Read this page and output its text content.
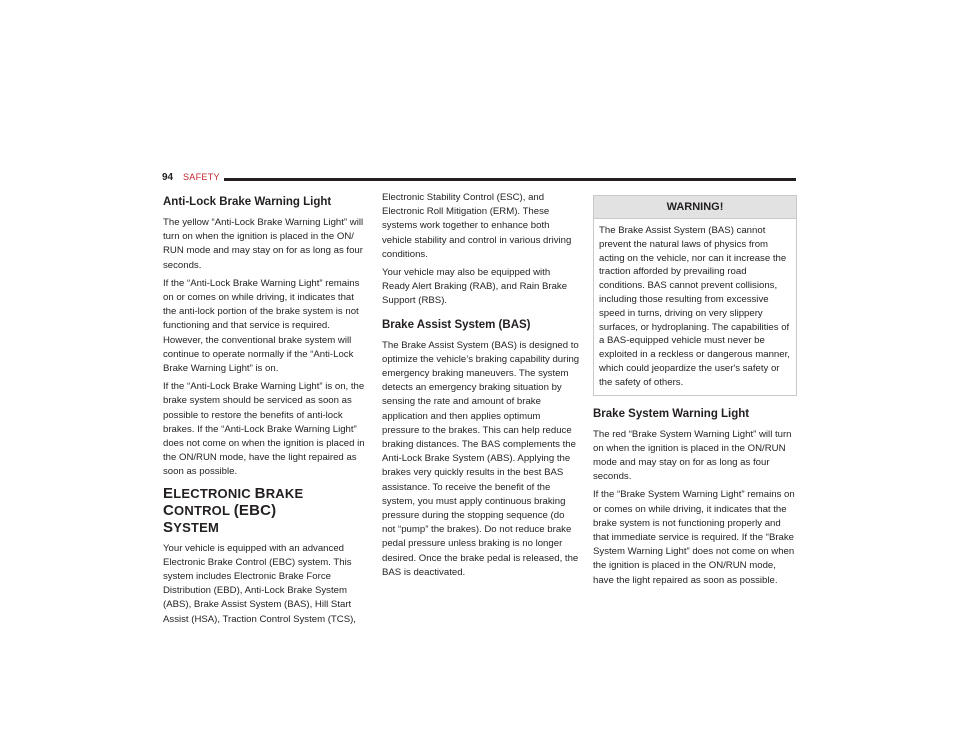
94 SAFETY
Anti-Lock Brake Warning Light

The yellow “Anti-Lock Brake Warning Light” will turn on when the ignition is placed in the ON/ RUN mode and may stay on for as long as four seconds.

If the “Anti-Lock Brake Warning Light” remains on or comes on while driving, it indicates that the anti-lock portion of the brake system is not functioning and that service is required. However, the conventional brake system will continue to operate normally if the “Anti-Lock Brake Warning Light” is on.

If the “Anti-Lock Brake Warning Light” is on, the brake system should be serviced as soon as possible to restore the benefits of anti-lock brakes. If the “Anti-Lock Brake Warning Light” does not come on when the ignition is placed in the ON/RUN mode, have the light repaired as soon as possible.

ELECTRONIC BRAKE CONTROL (EBC)
SYSTEM

Your vehicle is equipped with an advanced Electronic Brake Control (EBC) system. This system includes Electronic Brake Force Distribution (EBD), Anti-Lock Brake System (ABS), Brake Assist System (BAS), Hill Start Assist (HSA), Traction Control System (TCS),

Electronic Stability Control (ESC), and Electronic Roll Mitigation (ERM). These systems work together to enhance both vehicle stability and control in various driving conditions.

Your vehicle may also be equipped with Ready Alert Braking (RAB), and Rain Brake Support (RBS).

Brake Assist System (BAS)

The Brake Assist System (BAS) is designed to optimize the vehicle’s braking capability during emergency braking maneuvers. The system detects an emergency braking situation by sensing the rate and amount of brake application and then applies optimum pressure to the brakes. This can help reduce braking distances. The BAS complements the Anti-Lock Brake System (ABS). Applying the brakes very quickly results in the best BAS assistance. To receive the benefit of the system, you must apply continuous braking pressure during the stopping sequence (do not “pump” the brakes). Do not reduce brake pedal pressure unless braking is no longer desired. Once the brake pedal is released, the BAS is deactivated.

WARNING!
The Brake Assist System (BAS) cannot prevent the natural laws of physics from acting on the vehicle, nor can it increase the traction afforded by prevailing road conditions. BAS cannot prevent collisions, including those resulting from excessive speed in turns, driving on very slippery surfaces, or hydroplaning. The capabilities of a BAS-equipped vehicle must never be exploited in a reckless or dangerous manner, which could jeopardize the user's safety or the safety of others.
Brake System Warning Light

The red “Brake System Warning Light” will turn on when the ignition is placed in the ON/RUN mode and may stay on for as long as four seconds.

If the “Brake System Warning Light” remains on or comes on while driving, it indicates that the brake system is not functioning properly and that immediate service is required. If the “Brake System Warning Light” does not come on when the ignition is placed in the ON/RUN mode, have the light repaired as soon as possible.
